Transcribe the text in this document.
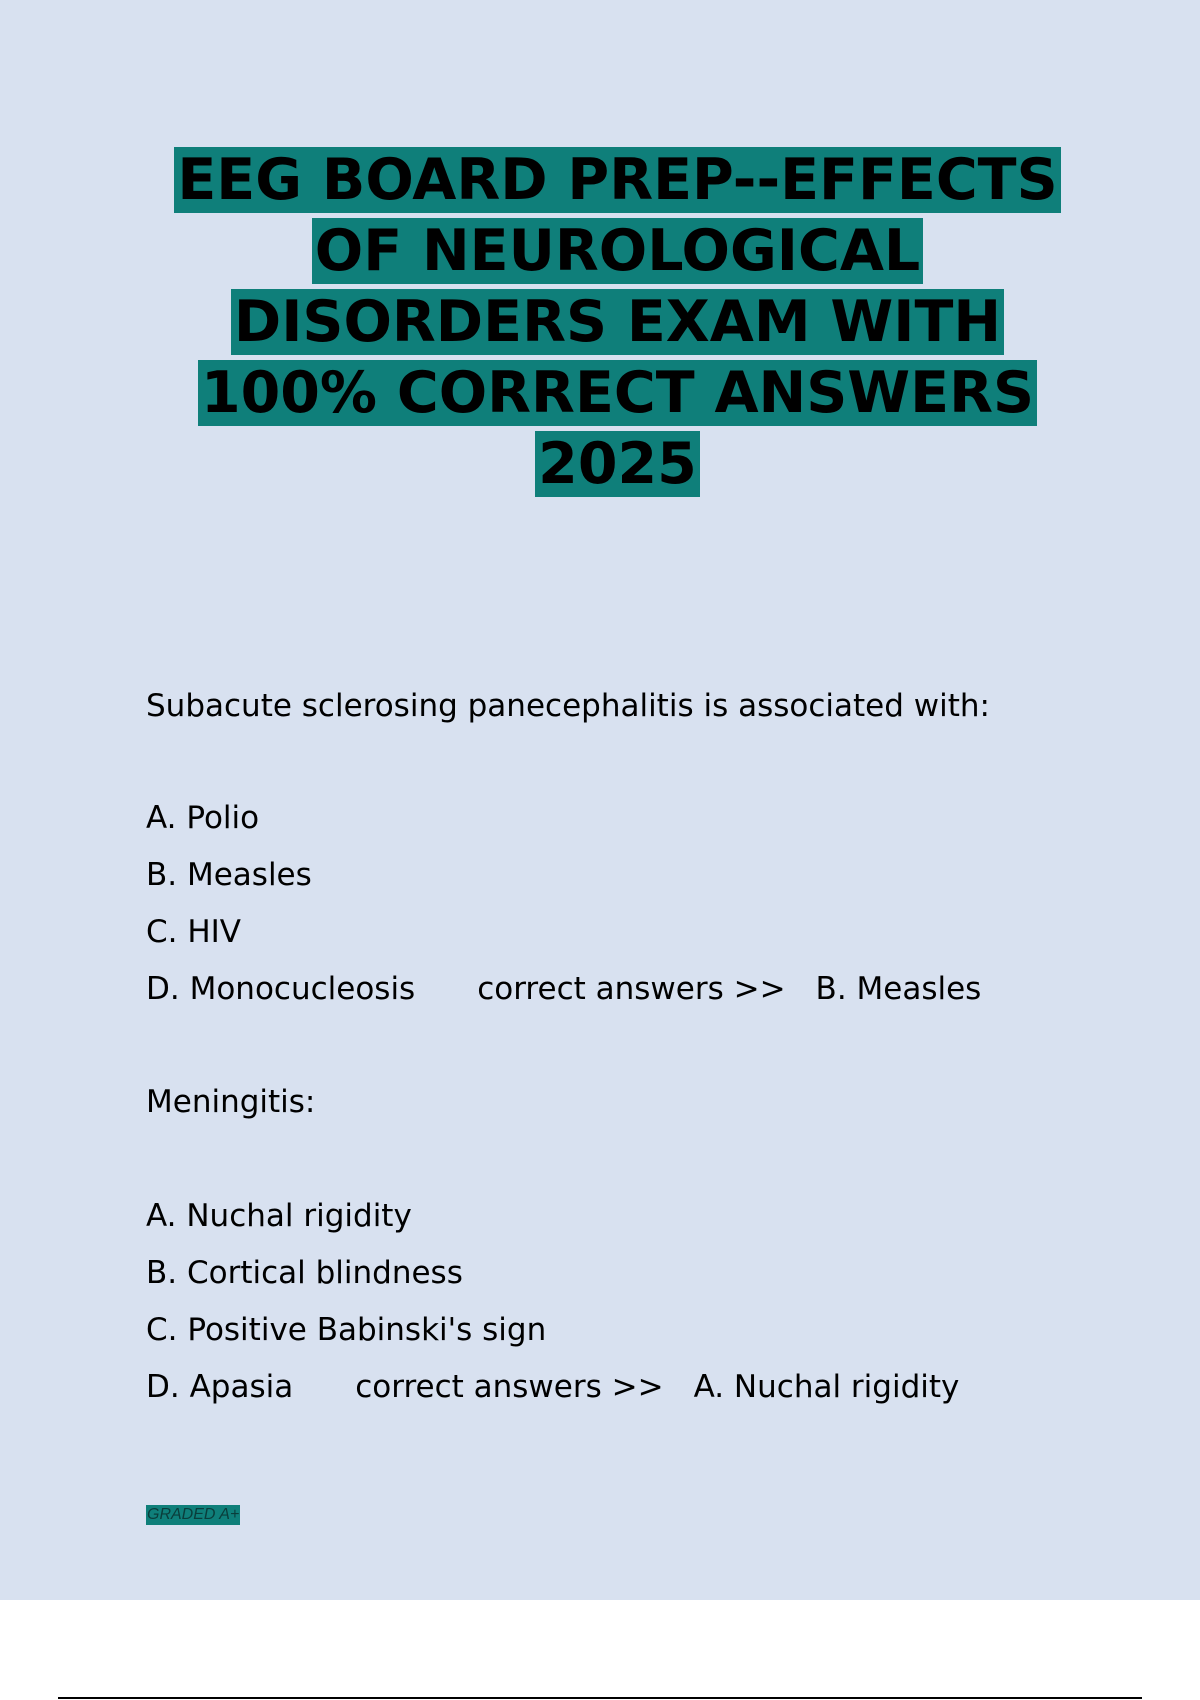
EEG BOARD PREP--EFFECTS
OF NEUROLOGICAL
DISORDERS EXAM WITH
100% CORRECT ANSWERS
2025
Subacute sclerosing panecephalitis is associated with:
A. Polio
B. Measles
C. HIV
D. Monocucleosis correct answers >> B. Measles
Meningitis:
A. Nuchal rigidity
B. Cortical blindness
C. Positive Babinski's sign
D. Apasia correct answers >> A. Nuchal rigidity
GRADED A+
